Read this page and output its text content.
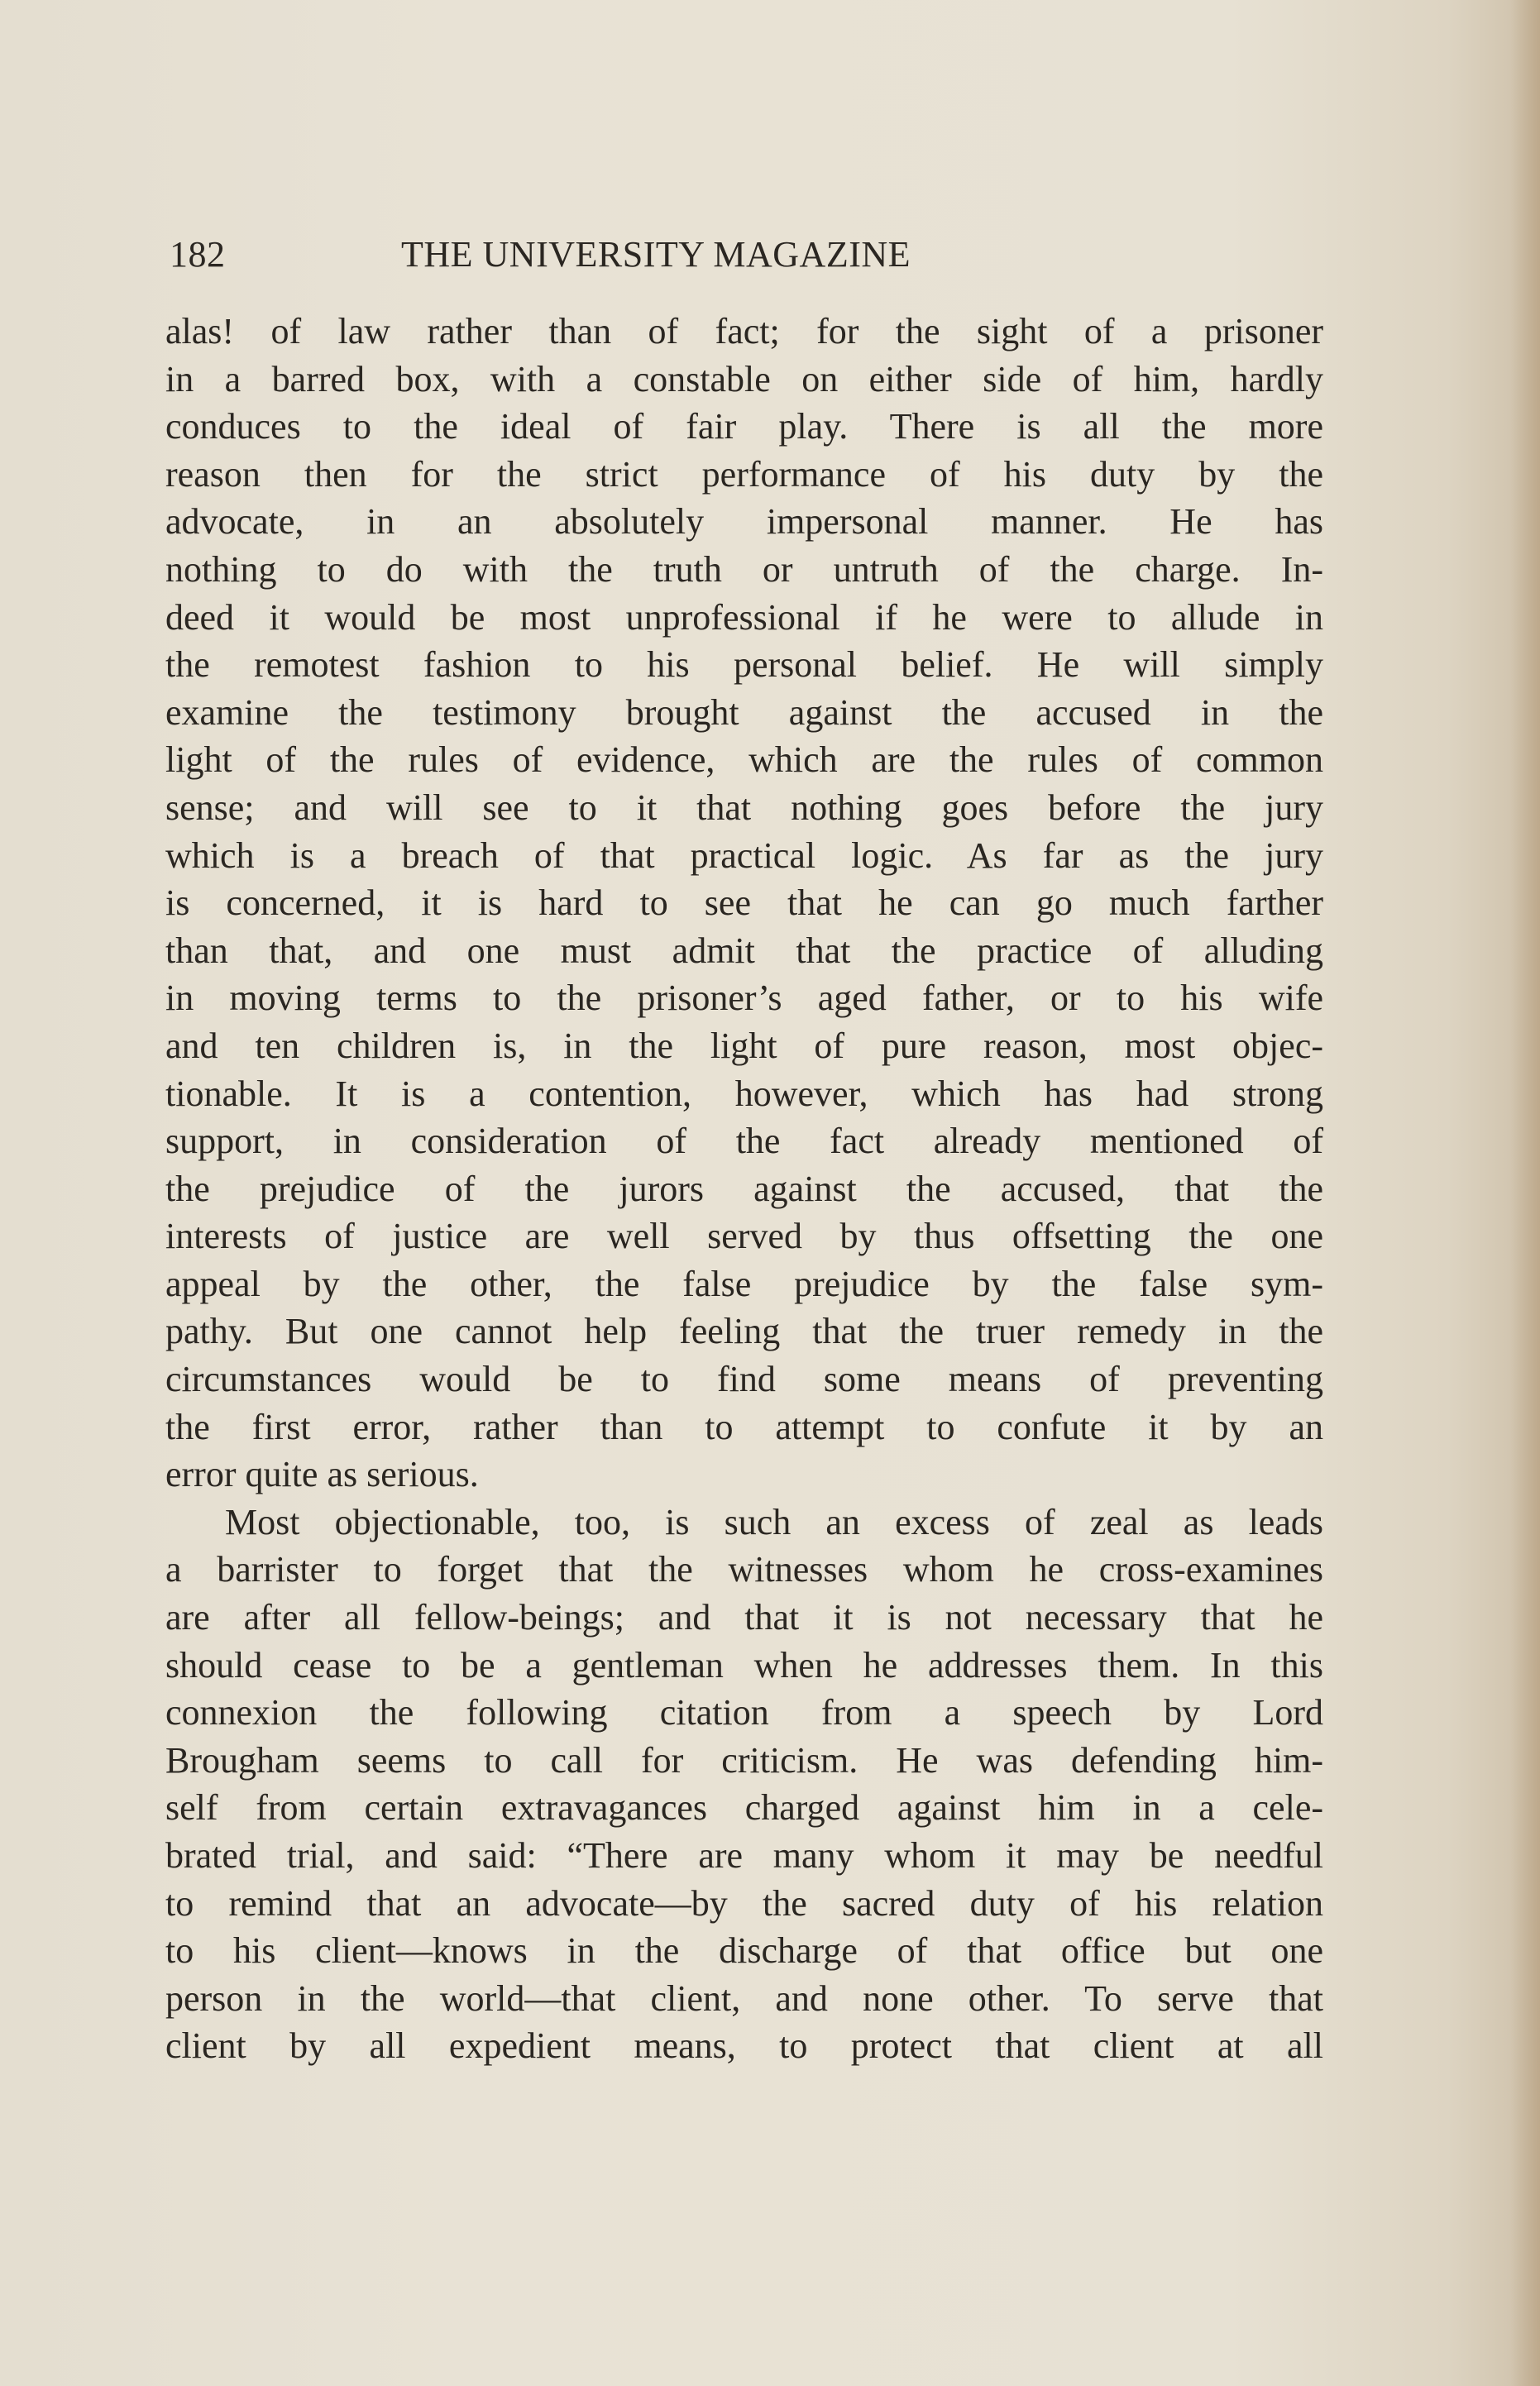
182	THE UNIVERSITY MAGAZINE
alas! of law rather than of fact; for the sight of a prisoner
in a barred box, with a constable on either side of him, hardly
conduces to the ideal of fair play. There is all the more
reason then for the strict performance of his duty by the
advocate, in an absolutely impersonal manner. He has
nothing to do with the truth or untruth of the charge. In-
deed it would be most unprofessional if he were to allude in
the remotest fashion to his personal belief. He will simply
examine the testimony brought against the accused in the
light of the rules of evidence, which are the rules of common
sense; and will see to it that nothing goes before the jury
which is a breach of that practical logic. As far as the jury
is concerned, it is hard to see that he can go much farther
than that, and one must admit that the practice of alluding
in moving terms to the prisoner’s aged father, or to his wife
and ten children is, in the light of pure reason, most objec-
tionable. It is a contention, however, which has had strong
support, in consideration of the fact already mentioned of
the prejudice of the jurors against the accused, that the
interests of justice are well served by thus offsetting the one
appeal by the other, the false prejudice by the false sym-
pathy. But one cannot help feeling that the truer remedy in the
circumstances would be to find some means of preventing
the first error, rather than to attempt to confute it by an
error quite as serious.
Most objectionable, too, is such an excess of zeal as leads
a barrister to forget that the witnesses whom he cross-examines
are after all fellow-beings; and that it is not necessary that he
should cease to be a gentleman when he addresses them. In this
connexion the following citation from a speech by Lord
Brougham seems to call for criticism. He was defending him-
self from certain extravagances charged against him in a cele-
brated trial, and said: “There are many whom it may be needful
to remind that an advocate—by the sacred duty of his relation
to his client—knows in the discharge of that office but one
person in the world—that client, and none other. To serve that
client by all expedient means, to protect that client at all
